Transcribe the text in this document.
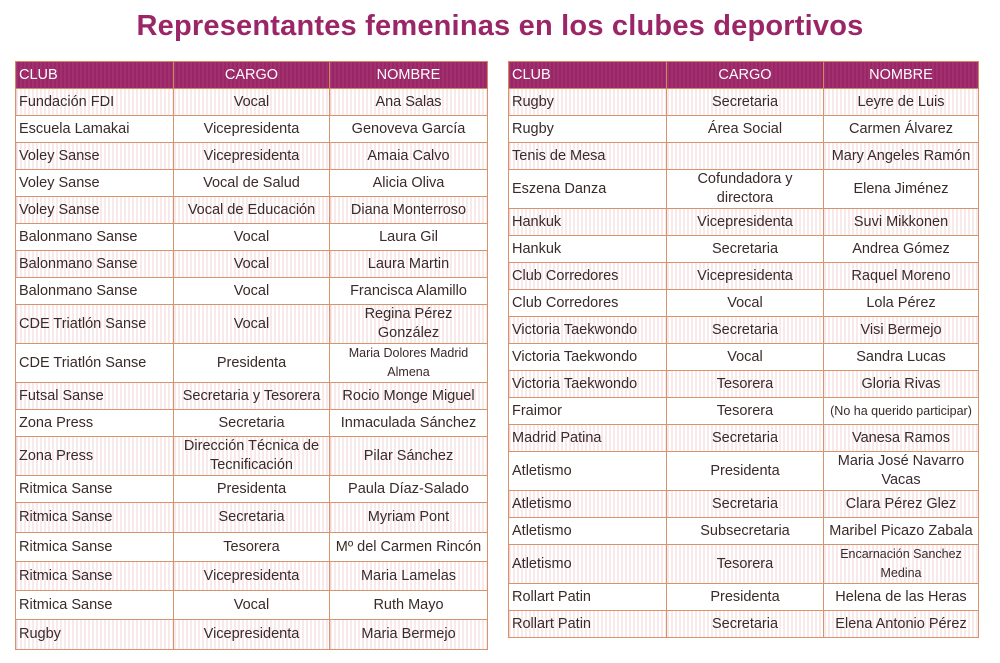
Representantes femeninas en los clubes deportivos
CLUB	CARGO	NOMBRE
Fundación FDI	Vocal	Ana Salas
Escuela Lamakai	Vicepresidenta	Genoveva García
Voley Sanse	Vicepresidenta	Amaia Calvo
Voley Sanse	Vocal de Salud	Alicia Oliva
Voley Sanse	Vocal de Educación	Diana Monterroso
Balonmano Sanse	Vocal	Laura Gil
Balonmano Sanse	Vocal	Laura Martin
Balonmano Sanse	Vocal	Francisca Alamillo
CDE Triatlón Sanse	Vocal	Regina Pérez González
CDE Triatlón Sanse	Presidenta	Maria Dolores Madrid Almena
Futsal Sanse	Secretaria y Tesorera	Rocio Monge Miguel
Zona Press	Secretaria	Inmaculada Sánchez
Zona Press	Dirección Técnica de Tecnificación	Pilar Sánchez
Ritmica Sanse	Presidenta	Paula Díaz-Salado
Ritmica Sanse	Secretaria	Myriam Pont
Ritmica Sanse	Tesorera	Mº del Carmen Rincón
Ritmica Sanse	Vicepresidenta	Maria Lamelas
Ritmica Sanse	Vocal	Ruth Mayo
Rugby	Vicepresidenta	Maria Bermejo
CLUB	CARGO	NOMBRE
Rugby	Secretaria	Leyre de Luis
Rugby	Área Social	Carmen Álvarez
Tenis de Mesa		Mary Angeles Ramón
Eszena Danza	Cofundadora y directora	Elena Jiménez
Hankuk	Vicepresidenta	Suvi Mikkonen
Hankuk	Secretaria	Andrea Gómez
Club Corredores	Vicepresidenta	Raquel Moreno
Club Corredores	Vocal	Lola Pérez
Victoria Taekwondo	Secretaria	Visi Bermejo
Victoria Taekwondo	Vocal	Sandra Lucas
Victoria Taekwondo	Tesorera	Gloria Rivas
Fraimor	Tesorera	(No ha querido participar)
Madrid Patina	Secretaria	Vanesa Ramos
Atletismo	Presidenta	Maria José Navarro Vacas
Atletismo	Secretaria	Clara Pérez Glez
Atletismo	Subsecretaria	Maribel Picazo Zabala
Atletismo	Tesorera	Encarnación Sanchez Medina
Rollart Patin	Presidenta	Helena de las Heras
Rollart Patin	Secretaria	Elena Antonio Pérez
